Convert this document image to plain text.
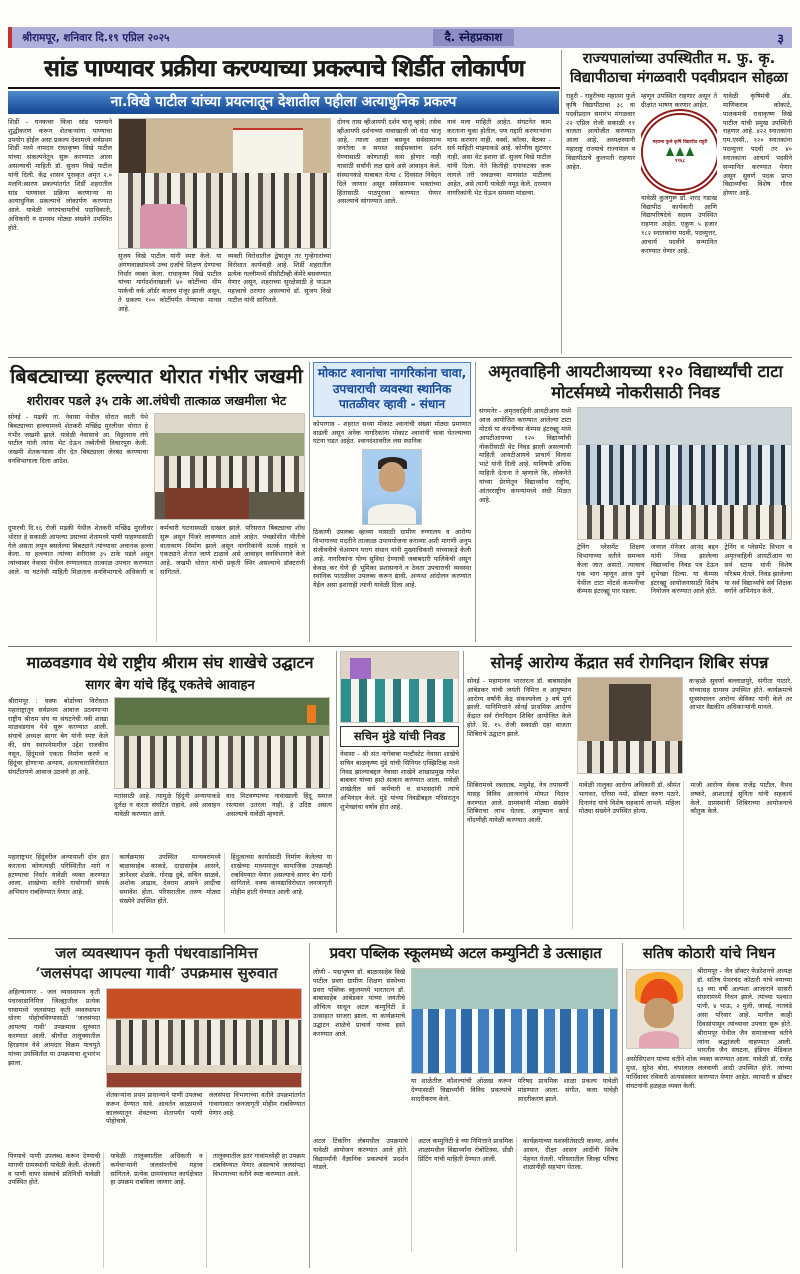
श्रीरामपूर, शनिवार दि.१९ एप्रिल २०२५	दै. स्नेहप्रकाश	३
सांड पाण्यावर प्रक्रीया करण्याच्या प्रकल्पाचे शिर्डीत लोकार्पण
ना.विखे पाटील यांच्या प्रयत्नातून देशातील पहीला अत्याधुनिक प्रकल्प
राज्यपालांच्या उपस्थितीत म. फु. कृ. विद्यापीठाचा मंगळवारी पदवीप्रदान सोहळा
राहुरी - राहुरीच्या महात्मा फुले कृषि विद्यापीठाचा ३८ वा पदवीप्रदान समारंभ मंगळवार २२ एप्रिल रोजी सकाळी ११ वाजता आयोजीत करण्यात आला आहे. अध्यक्षस्थानी महाराष्ट्र राज्याचे राज्यपाल व विद्यापीठाचे कुलपती राहणार आहेत.
म्हणून उपस्थित राहणार असून ते दीक्षांत भाषण करणार आहेत.
महात्मा फुले कृषि विद्यापीठ राहुरी
१९६८
यावेळी कुलगुरू डॉ. शरद गडाख विद्यापीठ कार्यकारी आणि विद्यापरिषदेचे सदस्य उपस्थित राहणार आहेत. एकूण ५ हजार १८२ स्नातकांना पदवी, पदव्युत्तर, आचार्य पदवीने सन्मानित करण्यात येणार आहे.
यावेळी कृषिमंत्री ॲड. माणिकराव कोकाटे, पालकमंत्री राधाकृष्ण विखे पाटील यांची प्रमुख उपस्थिती राहणार आहे. ४२२ स्नातकांना एम.एस्सी., १२० स्नातकांना पदव्युत्तर पदवी तर ४० स्नातकांना आचार्य पदवीने सन्मानित करण्यात येणार असून सुवर्ण पदक प्राप्त विद्यार्थ्यांचा विशेष गौरव होणार आहे.
शिर्डी - घनकचर किंवा सांड पाण्याने शुद्धीकरण करून शेतकऱ्यांना पाण्याचा उपयोग होईल असा प्रकल्प देशामध्ये सर्वप्रथम शिर्डी मध्ये नामदार राधाकृष्ण विखे पाटील यांच्या संकल्पनेतून सुरू करण्यात आला असल्याची माहिती डॉ. सुजय विखे पाटील यांनी दिली. केंद्र शासन पुरस्कृत अमृत २.० मलनि:स्सरण प्रकल्पांतर्गत शिर्डी शहरातील सांड पाण्यावर प्रक्रिया करणाऱ्या या अत्याधुनिक प्रकल्पाचे लोकार्पण करण्यात आले. यावेळी नगरपंचायतीचे पदाधिकारी, अधिकारी व ग्रामस्थ मोठ्या संख्येने उपस्थित होते.
सुजय विखे पाटील यांनी स्पष्ट केले. या अंगणवाड्यांमध्ये उच्च दर्जाचे शिक्षण देण्याचा निर्धार व्यक्त केला. राधाकृष्ण विखे पाटील यांच्या मार्गदर्शनाखाली ४० कोटींच्या थीम पार्कची वर्क ऑर्डर कालच मंजूर झाली असून, ते प्रकल्प १०० कोटींपर्यंत नेण्याचा मानस आहे.
व्यक्ती विरोधातील द्वेषातून तर गुन्हेगारांच्या विरोधात कार्यवाही आहे. शिर्डी शहरातील प्रत्येक गल्लीमध्ये सीसीटीव्ही कॅमेरे बसवण्यात येणार असून, शहराच्या सुरक्षेसाठी हे पाऊल महत्त्वाचे ठरणार असल्याचे डॉ. सुजय विखे पाटील यांनी सांगितले.
दोनच तास व्हीआयपी दर्शन चालू व्हावे; तसेच व्हीआयपी दर्शनाच्या नावाखाली जो धंदा चालू आहे, त्याला आळा बसवून सर्वसामान्य जनतेला व समस्त साईभक्तांना दर्शन घेण्यासाठी कोणताही त्रास होणार नाही यासाठी सर्वांनी लक्ष द्यावे असे आवाहन केले. संस्थानकडे याबाबत येत्या ८ दिवसात निवेदन दिले जाणार असून सर्वसामान्य भक्तांच्या हितासाठी पाठपुरावा करण्यात येणार असल्याचे सांगण्यात आले.
नावं मला माहिती आहेत. संघटनेत काम करताना चुका होतील, पण गद्दारी करणाऱ्यांना माफ करणार नाही. वर्क्स, कॉल्स, बैठका - सर्व माहिती माझ्याकडे आहे. कोणीच सुटणार नाही, असा थेट इशारा डॉ. सुजय विखे पाटील यांनी दिला. नेते कितीही दगाफटका करू लागले तरी जवळच्या माणसांत पाटीलच आहेत, असे त्यांनी यावेळी नमूद केले. दरम्यान नागरिकांनी भेट घेऊन समस्या मांडल्या.
बिबट्याच्या हल्ल्यात थोरात गंभीर जखमी
शरीरावर पडले ३५ टाके आ.लंघेची तात्काळ जखमीला भेट
सोनई - मढकी ता. नेवासा येथील थोरात वस्ती येथे बिबट्याच्या हल्ल्यामध्ये शेतकरी मच्छिंद्र मुरलीधर थोरात हे गंभीर जखमी झाले. यावेळी नेवासाचे आ. विठ्ठलराव लंघे पाटील यांनी त्यांना भेट देऊन तब्येतीची विचारपूस केली. जखमी शेतकऱ्याला धीर देत बिबट्याला जेरबंद करण्याचा वनविभागाला दिला आदेश.
दुपारची दि.१६ रोजी मढकी येथील शेतकरी मच्छिंद्र मुरलीधर थोरात हे सकाळी आपल्या उसाच्या शेतामध्ये पाणी पाहण्यासाठी गेले असता लपून बसलेल्या बिबट्याने त्यांच्यावर अचानक हल्ला केला. या हल्ल्यात त्यांच्या शरीरावर ३५ टाके पडले असून त्यांच्यावर नेवासा येथील रुग्णालयात तात्काळ उपचार करण्यात आले. या घटनेची माहिती मिळताच वनविभागाचे अधिकारी व कर्मचारी घटनास्थळी दाखल झाले. परिसरात बिबट्याचा शोध सुरू असून पिंजरे लावण्यात आले आहेत. पंचक्रोशीत भीतीचे वातावरण निर्माण झाले असून नागरिकांनी सतर्क राहावे व एकट्याने शेतात जाणे टाळावे असे आवाहन वनविभागाने केले आहे. जखमी थोरात यांची प्रकृती स्थिर असल्याचे डॉक्टरांनी सांगितले.
मोकाट श्वानांचा नागरिकांना चावा, उपचाराची व्यवस्था स्थानिक पातळीवर व्हावी - संधान
कोपरगाव - शहरात सध्या मोकाट श्वानांची संख्या मोठ्या प्रमाणात वाढली असून अनेक नागरिकांना मोकाट श्वानांनी चावा घेतल्याच्या घटना घडत आहेत. श्वानदंशावरील लस स्थानिक
ठिकाणी उपलब्ध व्हाव्या यासाठी ग्रामीण रुग्णालय व आरोग्य विभागाच्या मदतीने तात्काळ उपाययोजना कराव्या अशी मागणी अनुप संजीवनीचे चेअरमन पराग संधान यांनी मुख्याधिकारी यांच्याकडे केली आहे. नागरिकांना योग्य सुविधा देण्याची जबाबदारी पालिकेची असून केवळ कर घेणे ही भूमिका प्रशासनाने न ठेवता उपचाराची व्यवस्था स्थानिक पातळीवर उपलब्ध करून द्यावी, अन्यथा आंदोलन करण्यात येईल असा इशाराही त्यांनी यावेळी दिला आहे.
अमृतवाहिनी आयटीआयच्या १२० विद्यार्थ्यांची टाटा मोटर्समध्ये नोकरीसाठी निवड
संगमनेर - अमृतवाहिनी आयटीआय मध्ये आज आयोजित करण्यात आलेल्या टाटा मोटर्स या कंपनीच्या कॅम्पस इंटरव्ह्यू मध्ये आयटीआयच्या १२० विद्यार्थ्यांची नोकरीसाठी थेट निवड झाली असल्याची माहिती आयटीआयचे प्राचार्य विलास भाटे यांनी दिली आहे. याविषयी अधिक माहिती देताना ते म्हणाले कि, लोकनेते यांच्या प्रेरणेतून विद्यार्थ्यांना राष्ट्रीय, आंतरराष्ट्रीय कंपन्यांमध्ये संधी मिळत आहे.
ट्रेनिंग प्लेसमेंट शिक्षण विभागाच्या वतीने समन्वय केला जात असतो. त्याचाच एक भाग म्हणून आज पुणे येथील टाटा मोटर्स कम्पनीचा कॅम्पस इंटरव्ह्यू पार पडला.
जनरल मॅनेजर आनंद बद्दन यांनी निवड झालेल्या विद्यार्थ्यांना निवड पत्र देऊन शुभेच्छा दिल्या. या कॅम्पस इंटरव्ह्यू आयोजनासाठी विशेष नियोजन करण्यात आले होते.
ट्रेनिंग व प्लेसमेंट विभाग व अमृतवाहिनी आयटीआय चा सर्व स्टाफ यांनी विशेष परिश्रम घेतले. निवड झालेल्या या सर्व विद्यार्थ्यांचे सर्व शिक्षक वर्गाने अभिनंदन केले.
माळवडगाव येथे राष्ट्रीय श्रीराम संघ शाखेचे उद्घाटन
सागर बेग यांचे हिंदू एकतेचे आवाहन
श्रीरामपूर : वक्फ बोर्डाच्या विरोधात महाराष्ट्रातून सर्वप्रथम आवाज उठवणाऱ्या राष्ट्रीय श्रीराम संघ या संघटनेची नवी शाखा माळवडगाव येथे सुरू करण्यात आली. संघाचे अध्यक्ष सागर बेग यांनी स्पष्ट केले की, संघ स्थापनेमागील उद्देश राजकीय नसून, हिंदूंमध्ये एकता निर्माण करणे व हिंदूंवर होणाऱ्या अन्याय, अत्याचाराविरोधात संघटीतपणे आवाज उठवणे हा आहे.
मतांसाठी आहे. त्यामुळे हिंदूंनी अन्यायाकडे दुर्लक्ष न करता संघटित राहावे, असे आवाहन यावेळी करण्यात आले.
वाद मिटवण्याच्या नावाखाली हिंदू समाज रस्त्यावर उतरला नाही, हे उदिष्ट असत्य असल्याचे यावेळी म्हणाले.
महाराष्ट्रभर हिंदूंवरील अन्यायाशी दोन हात करताना कोणत्याही परिस्थितीत मागे न हटण्याचा निर्धार यावेळी व्यक्त करण्यात आला. शाखेच्या वतीने गावोगावी संपर्क अभियान राबविण्यात येणार आहे.
कार्यक्रमास उपस्थित मान्यवरांमध्ये बाळासाहेब काकडे, दादासाहेब आसने, ज्ञानेश्वर शेळके, गोरख दुबे, सचिन साळवे, अशोक आढाव, देवराम आसने आदींचा समावेश होता. परिसरातील तरुण मोठ्या संख्येने उपस्थित होते.
हिंदुत्वाच्या कार्यासाठी निर्माण केलेल्या या शाखेच्या माध्यमातून सामाजिक उपक्रमही राबविण्यात येणार असल्याचे सागर बेग यांनी सांगितले. वक्फ कायद्याविरोधात जनजागृती मोहीम हाती घेण्यात आली आहे.
सचिन मुंडे यांची निवड
नेवासा - श्री संत नागेबाबा मल्टीस्टेट नेवासा शाखेचे सचिन बाळकृष्ण मुंडे यांची सिनियर एक्झिटिव्ह मध्ये निवड झाल्याबद्दल नेवासा शाखेने शाखाप्रमुख गणेश बाबकर यांच्या हस्ते सत्कार करण्यात आला. यावेळी शाखेतील सर्व कर्मचारी व सभासदांनी त्यांचे अभिनंदन केले. मुंडे यांच्या निवडीबद्दल परिसरातून शुभेच्छांचा वर्षाव होत आहे.
सोनई आरोग्य केंद्रात सर्व रोगनिदान शिबिर संपन्न
सोनई - महामानव भारतरत्न डॉ. बाबासाहेब आंबेडकर यांची जयंती निमित्त व आयुष्मान आरोग्य वर्षांनी केंद्र संकल्पनेला ३ वर्ष पूर्ण झाली. यानिमित्ताने सोनई प्राथमिक आरोग्य केंद्रात सर्व रोगनिदान शिबिर आयोजित केले होते. दि. १५ रोजी सकाळी दहा वाजता शिबिराचे उद्घाटन झाले.
कऱ्हाळे सुवर्णा बल्लाळपुरे, संगीता पाठारे, यांच्यासह ग्रामस्थ उपस्थित होते. कार्यक्रमाचे सूत्रसंचालन आरोग्य सेविका यांनी केले तर आभार वैद्यकीय अधिकाऱ्यांनी मानले.
शिबिरामध्ये रक्तदाब, मधुमेह, नेत्र तपासणी यासह विविध आजारांचे मोफत निदान करण्यात आले. ग्रामस्थांनी मोठ्या संख्येने शिबिराचा लाभ घेतला. आयुष्मान कार्ड नोंदणीही यावेळी करण्यात आली.
यावेळी तालुका आरोग्य अधिकारी डॉ. श्रीमंत भागवत, एरिसा नमो, डॉक्टर वरुण पठारे, दिनानंद यांचे विशेष सहकार्य लाभले. महिला मोठ्या संख्येने उपस्थित होत्या.
माजी आरोग्य सेवक राजेंद्र पाटील, वैभव लष्करे, आशाताई सुनिता यांनी सहकार्य केले. ग्रामस्थांनी शिबिराच्या आयोजनाचे कौतुक केले.
जल व्यवस्थापन कृती पंधरवाडानिमित्त
‘जलसंपदा आपल्या गावी’ उपक्रमास सुरुवात
अहिल्यानगर - जल व्यवस्थापन कृती पंधरवाडानिमित्त जिल्ह्यातील प्रत्येक गावामध्ये जलसंपदा कृती व्यवस्थापन धोरण पोहोचविण्यासाठी ‘जलसंपदा आपल्या गावी’ उपक्रमास सुरुवात करण्यात आली. श्रीगोंदा तालुक्यातील हिरडगाव येथे आमदार विक्रम पाचपुते यांच्या उपस्थितीत या उपक्रमाचा शुभारंभ झाला.
शेतकऱ्यांना प्रथम प्राधान्याने पाणी उपलब्ध करून देण्यात यावे. आवर्तन काळामध्ये कालव्यातून शेवटच्या शेतापर्यंत पाणी पोहोचावे.
जलसंपदा विभागाच्या वतीने उपक्रमांतर्गत गावागावात जनजागृती मोहीम राबविण्यात येणार आहे.
पिण्याचे पाणी उपलब्ध करून देण्याची मागणी ग्रामस्थांनी यावेळी केली. शेतकरी व पाणी वापर संस्थांचे प्रतिनिधी यावेळी उपस्थित होते.
यावेळी तालुक्यातील अधिकारी व कर्मचाऱ्यांनी जलसंपत्तीचे महत्त्व सांगितले. प्रत्येक ग्रामपंचायत कार्यक्षेत्रात हा उपक्रम राबविला जाणार आहे.
तालुक्यातील इतर गावांमध्येही हा उपक्रम राबविण्यात येणार असल्याचे जलसंपदा विभागाच्या वतीने स्पष्ट करण्यात आले.
प्रवरा पब्लिक स्कूलमध्ये अटल कम्युनिटी डे उत्साहात
लोणी - पद्मभूषण डॉ. बाळासाहेब विखे पाटील प्रवरा ग्रामीण शिक्षण संस्थेच्या प्रवरा पब्लिक स्कूलमध्ये भारतरत्न डॉ. बाबासाहेब आंबेडकर यांच्या जयंतीचे औचित्य साधून अटल कम्युनिटी डे उत्साहात साजरा झाला. या कार्यक्रमाचे उद्घाटन शाळेचे प्राचार्य यांच्या हस्ते करण्यात आले.
या शाळेतील कौशल्यांची ओळख करून देण्यासाठी विद्यार्थ्यांनी विविध प्रकल्पांचे सादरीकरण केले.
परिषद प्राथमिक शाळा प्रकल्प यावेळी मांडण्यात आला. संगीत, कला यांचेही सादरीकरण झाले.
अटल टिंकरिंग लॅबमधील उपक्रमांचे यावेळी आयोजन करण्यात आले होते. विद्यार्थ्यांनी वैज्ञानिक प्रकल्पांचे प्रदर्शन मांडले.
अटल कम्युनिटी डे च्या निमित्ताने प्राथमिक शाळांमधील विद्यार्थ्यांना रोबोटिक्स, थ्रीडी प्रिंटिंग यांची माहिती देण्यात आली.
कार्यक्रमाच्या यशस्वीतेसाठी काव्या, अर्णव आसन, दीक्षा आसन आदींनी विशेष मेहनत घेतली. परिसरातील जिल्हा परिषद शाळांनीही सहभाग घेतला.
सतिष कोठारी यांचे निधन
श्रीरामपूर - जैन डॉक्टर फेडरेशनचे अध्यक्ष डॉ. सतिष पेथरचंद कोठारी यांचे वयाच्या ६३ व्या वर्षी अल्पशा आजाराने सासरी संघारामध्ये निधन झाले. त्यांच्या पश्चात पत्नी, ४ भाऊ, २ मुली, जावई, नातवंडे असा परिवार आहे. मागील काही दिवसांपासून त्यांच्यावर उपचार सुरू होते. श्रीरामपूर येथील जैन समाजाच्या वतीने त्यांना श्रद्धांजली वाहण्यात आली. भारतीय जैन संघटना, इंडियन मेडिकल असोसिएशन यांच्या वतीने शोक व्यक्त करण्यात आला. यावेळी डॉ. राजेंद्र मुथा, सुरेश बोरा, चंपालाल ललवाणी आदी उपस्थित होते. त्यांच्या पार्थिवावर रविवारी अंत्यसंस्कार करण्यात येणार आहेत. व्यापारी व डॉक्टर संघटनांनी हळहळ व्यक्त केली.
